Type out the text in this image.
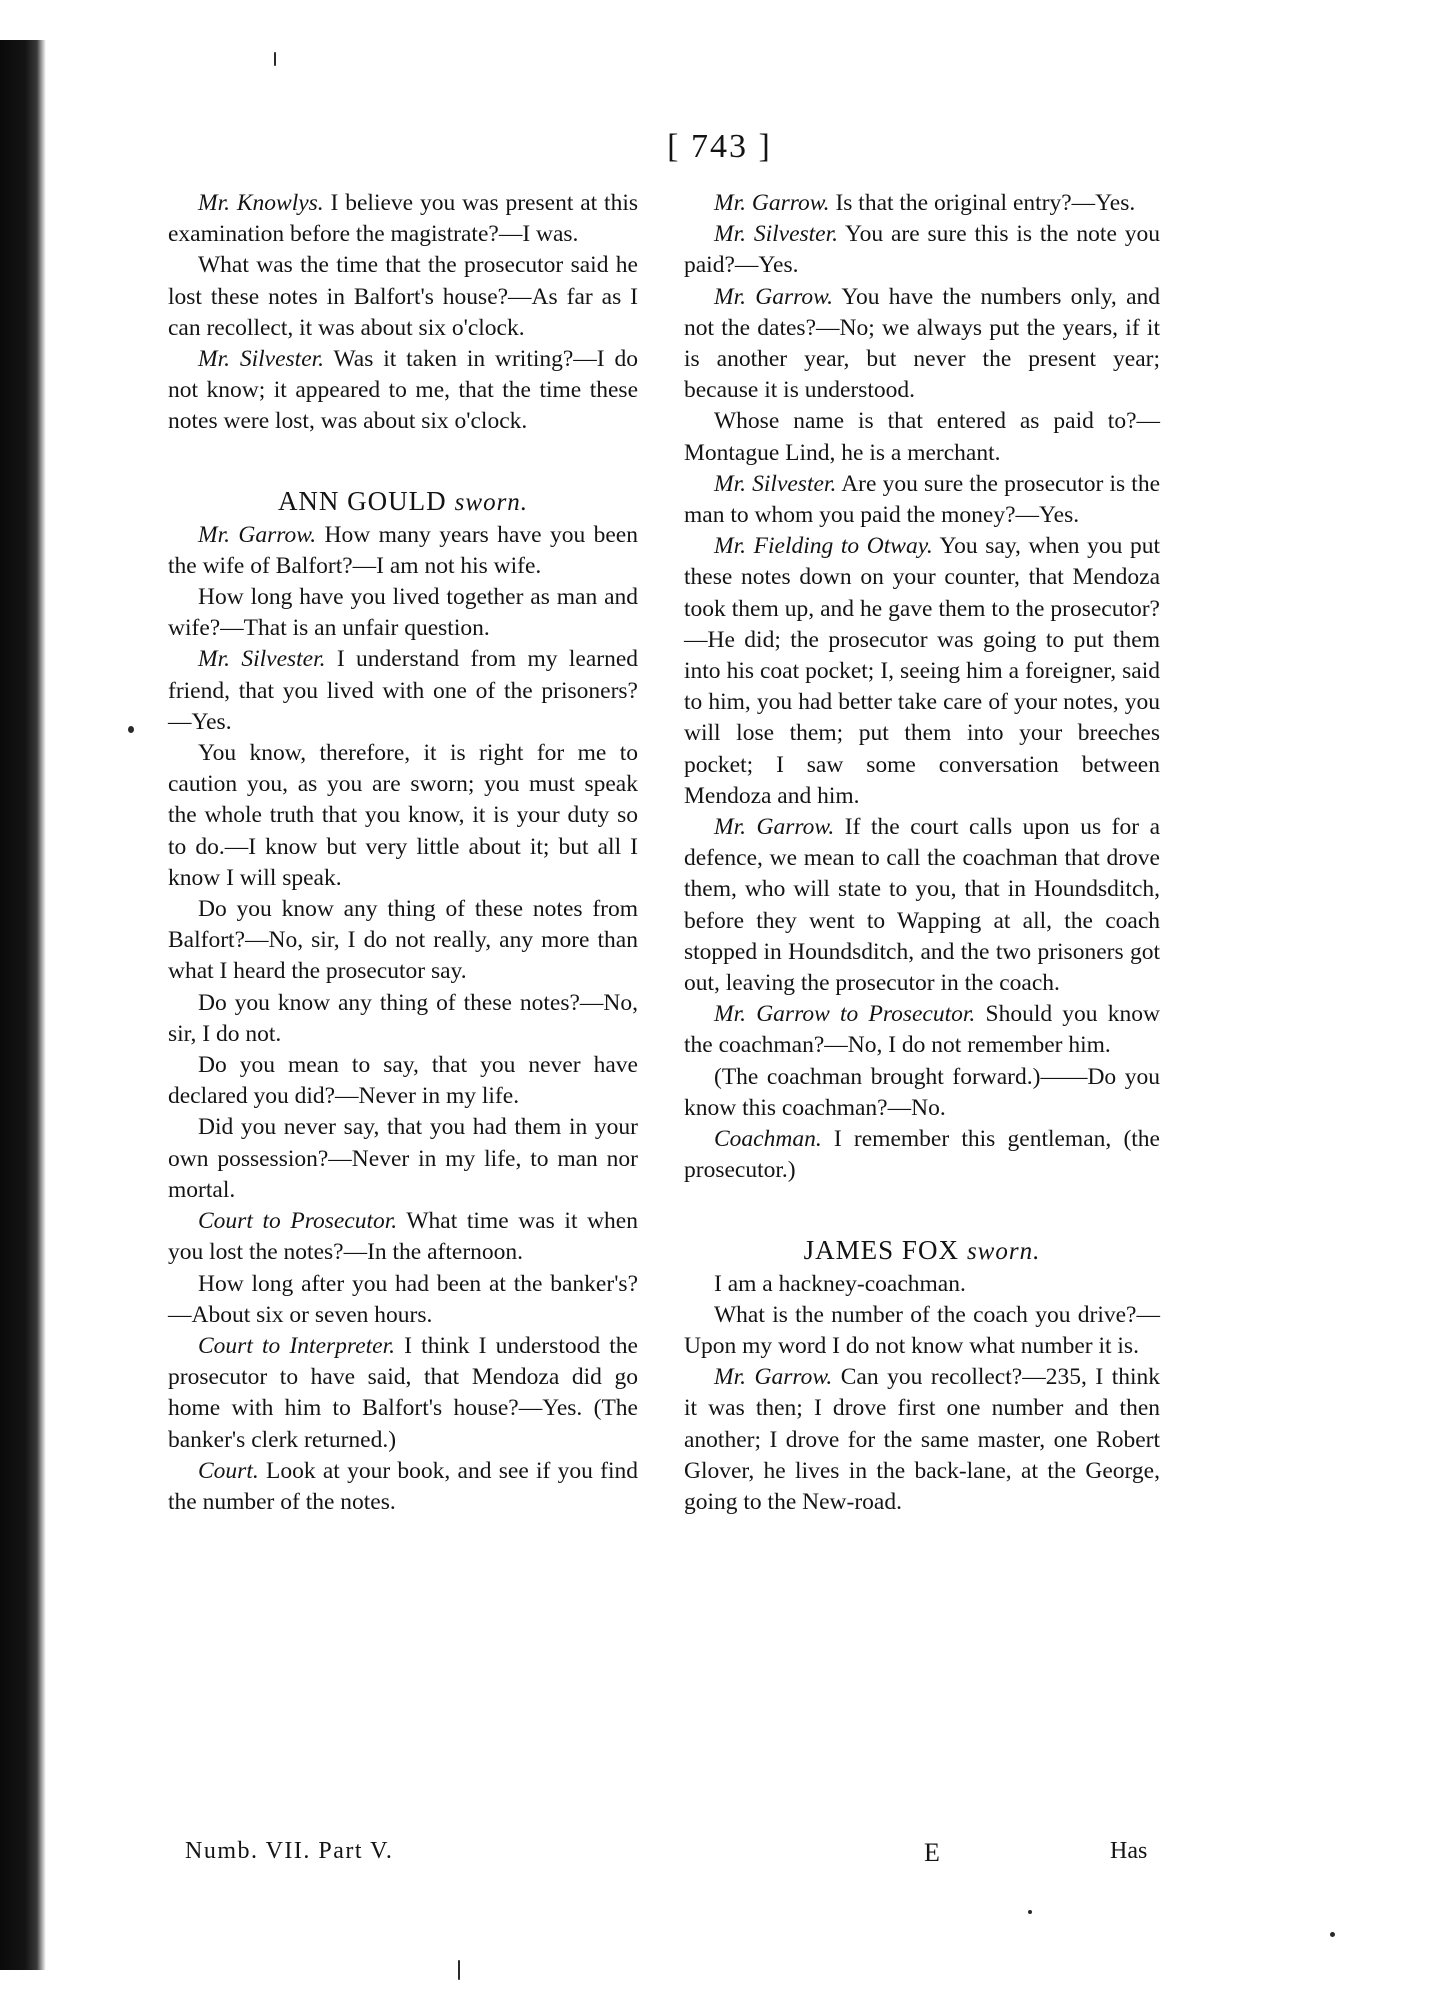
[ 743 ]

Mr. Knowlys. I believe you was present at this examination before the magistrate?—I was.

What was the time that the prosecutor said he lost these notes in Balfort's house?—As far as I can recollect, it was about six o'clock.

Mr. Silvester. Was it taken in writing?—I do not know; it appeared to me, that the time these notes were lost, was about six o'clock.

ANN GOULD sworn.

Mr. Garrow. How many years have you been the wife of Balfort?—I am not his wife.

How long have you lived together as man and wife?—That is an unfair question.

Mr. Silvester. I understand from my learned friend, that you lived with one of the prisoners?—Yes.

You know, therefore, it is right for me to caution you, as you are sworn; you must speak the whole truth that you know, it is your duty so to do.—I know but very little about it; but all I know I will speak.

Do you know any thing of these notes from Balfort?—No, sir, I do not really, any more than what I heard the prosecutor say.

Do you know any thing of these notes?—No, sir, I do not.

Do you mean to say, that you never have declared you did?—Never in my life.

Did you never say, that you had them in your own possession?—Never in my life, to man nor mortal.

Court to Prosecutor. What time was it when you lost the notes?—In the afternoon.

How long after you had been at the banker's?—About six or seven hours.

Court to Interpreter. I think I understood the prosecutor to have said, that Mendoza did go home with him to Balfort's house?—Yes. (The banker's clerk returned.)

Court. Look at your book, and see if you find the number of the notes.

Mr. Garrow. Is that the original entry?—Yes.

Mr. Silvester. You are sure this is the note you paid?—Yes.

Mr. Garrow. You have the numbers only, and not the dates?—No; we always put the years, if it is another year, but never the present year; because it is understood.

Whose name is that entered as paid to?—Montague Lind, he is a merchant.

Mr. Silvester. Are you sure the prosecutor is the man to whom you paid the money?—Yes.

Mr. Fielding to Otway. You say, when you put these notes down on your counter, that Mendoza took them up, and he gave them to the prosecutor?—He did; the prosecutor was going to put them into his coat pocket; I, seeing him a foreigner, said to him, you had better take care of your notes, you will lose them; put them into your breeches pocket; I saw some conversation between Mendoza and him.

Mr. Garrow. If the court calls upon us for a defence, we mean to call the coachman that drove them, who will state to you, that in Houndsditch, before they went to Wapping at all, the coach stopped in Houndsditch, and the two prisoners got out, leaving the prosecutor in the coach.

Mr. Garrow to Prosecutor. Should you know the coachman?—No, I do not remember him.

(The coachman brought forward.)——Do you know this coachman?—No.

Coachman. I remember this gentleman, (the prosecutor.)

JAMES FOX sworn.

I am a hackney-coachman.

What is the number of the coach you drive?—Upon my word I do not know what number it is.

Mr. Garrow. Can you recollect?—235, I think it was then; I drove first one number and then another; I drove for the same master, one Robert Glover, he lives in the back-lane, at the George, going to the New-road.

Numb. VII. Part V.	E	Has
